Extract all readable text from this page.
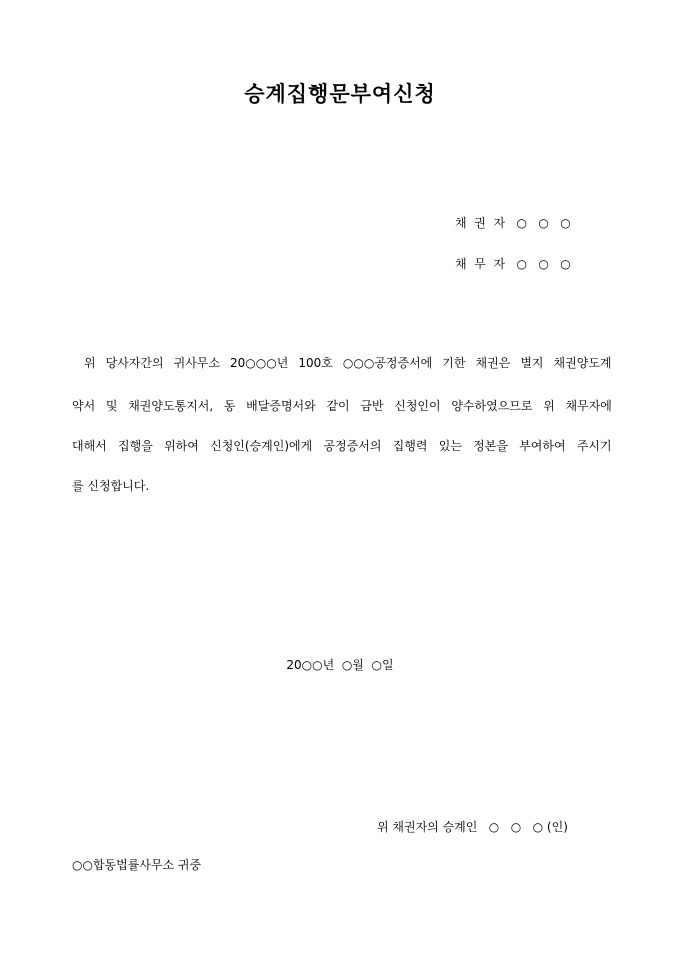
승계집행문부여신청
채  권  자   ○   ○   ○
채  무  자   ○   ○   ○
위 당사자간의 귀사무소 20○○○년 100호 ○○○공정증서에 기한 채권은 별지 채권양도계
약서 및 채권양도통지서, 동 배달증명서와 같이 금반 신청인이 양수하였으므로 위 채무자에
대해서 집행을 위하여 신청인(승계인)에게 공정증서의 집행력 있는 정본을 부여하여 주시기
를 신청합니다.
20○○년  ○월  ○일
위 채권자의 승계인   ○   ○   ○ (인)
○○합동법률사무소 귀중
